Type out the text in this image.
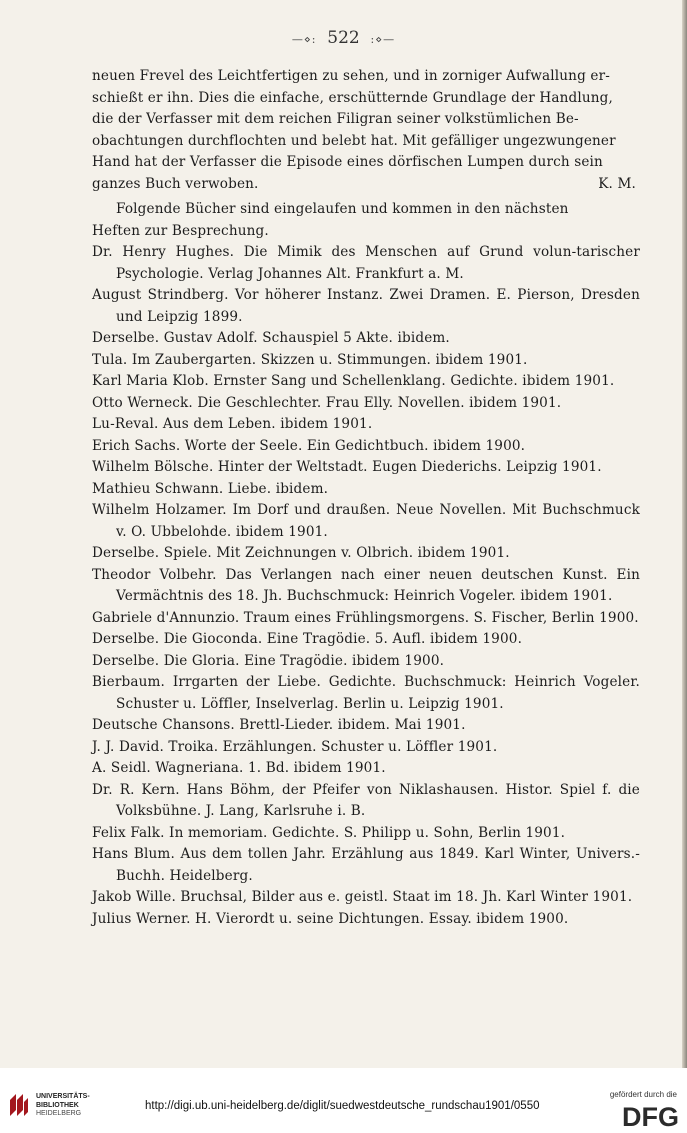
—⋄: 522 :⋄—

neuen Frevel des Leichtfertigen zu sehen, und in zorniger Aufwallung er-

schießt er ihn. Dies die einfache, erschütternde Grundlage der Handlung,

die der Verfasser mit dem reichen Filigran seiner volkstümlichen Be-

obachtungen durchflochten und belebt hat. Mit gefälliger ungezwungener

Hand hat der Verfasser die Episode eines dörfischen Lumpen durch sein

ganzes Buch verwoben.	K. M.

Folgende Bücher sind eingelaufen und kommen in den nächsten

Heften zur Besprechung.

Dr. Henry Hughes. Die Mimik des Menschen auf Grund volun-tarischer Psychologie. Verlag Johannes Alt. Frankfurt a. M.

August Strindberg. Vor höherer Instanz. Zwei Dramen. E. Pierson, Dresden und Leipzig 1899.

Derselbe. Gustav Adolf. Schauspiel 5 Akte. ibidem.

Tula. Im Zaubergarten. Skizzen u. Stimmungen. ibidem 1901.

Karl Maria Klob. Ernster Sang und Schellenklang. Gedichte. ibidem 1901.

Otto Werneck. Die Geschlechter. Frau Elly. Novellen. ibidem 1901.

Lu-Reval. Aus dem Leben. ibidem 1901.

Erich Sachs. Worte der Seele. Ein Gedichtbuch. ibidem 1900.

Wilhelm Bölsche. Hinter der Weltstadt. Eugen Diederichs. Leipzig 1901.

Mathieu Schwann. Liebe. ibidem.

Wilhelm Holzamer. Im Dorf und draußen. Neue Novellen. Mit Buchschmuck v. O. Ubbelohde. ibidem 1901.

Derselbe. Spiele. Mit Zeichnungen v. Olbrich. ibidem 1901.

Theodor Volbehr. Das Verlangen nach einer neuen deutschen Kunst. Ein Vermächtnis des 18. Jh. Buchschmuck: Heinrich Vogeler. ibidem 1901.

Gabriele d'Annunzio. Traum eines Frühlingsmorgens. S. Fischer, Berlin 1900.

Derselbe. Die Gioconda. Eine Tragödie. 5. Aufl. ibidem 1900.

Derselbe. Die Gloria. Eine Tragödie. ibidem 1900.

Bierbaum. Irrgarten der Liebe. Gedichte. Buchschmuck: Heinrich Vogeler. Schuster u. Löffler, Inselverlag. Berlin u. Leipzig 1901.

Deutsche Chansons. Brettl-Lieder. ibidem. Mai 1901.

J. J. David. Troika. Erzählungen. Schuster u. Löffler 1901.

A. Seidl. Wagneriana. 1. Bd. ibidem 1901.

Dr. R. Kern. Hans Böhm, der Pfeifer von Niklashausen. Histor. Spiel f. die Volksbühne. J. Lang, Karlsruhe i. B.

Felix Falk. In memoriam. Gedichte. S. Philipp u. Sohn, Berlin 1901.

Hans Blum. Aus dem tollen Jahr. Erzählung aus 1849. Karl Winter, Univers.-Buchh. Heidelberg.

Jakob Wille. Bruchsal, Bilder aus e. geistl. Staat im 18. Jh. Karl Winter 1901.

Julius Werner. H. Vierordt u. seine Dichtungen. Essay. ibidem 1900.

UNIVERSITÄTS-
BIBLIOTHEK
HEIDELBERG
http://digi.ub.uni-heidelberg.de/diglit/suedwestdeutsche_rundschau1901/0550
gefördert durch die
DFG
